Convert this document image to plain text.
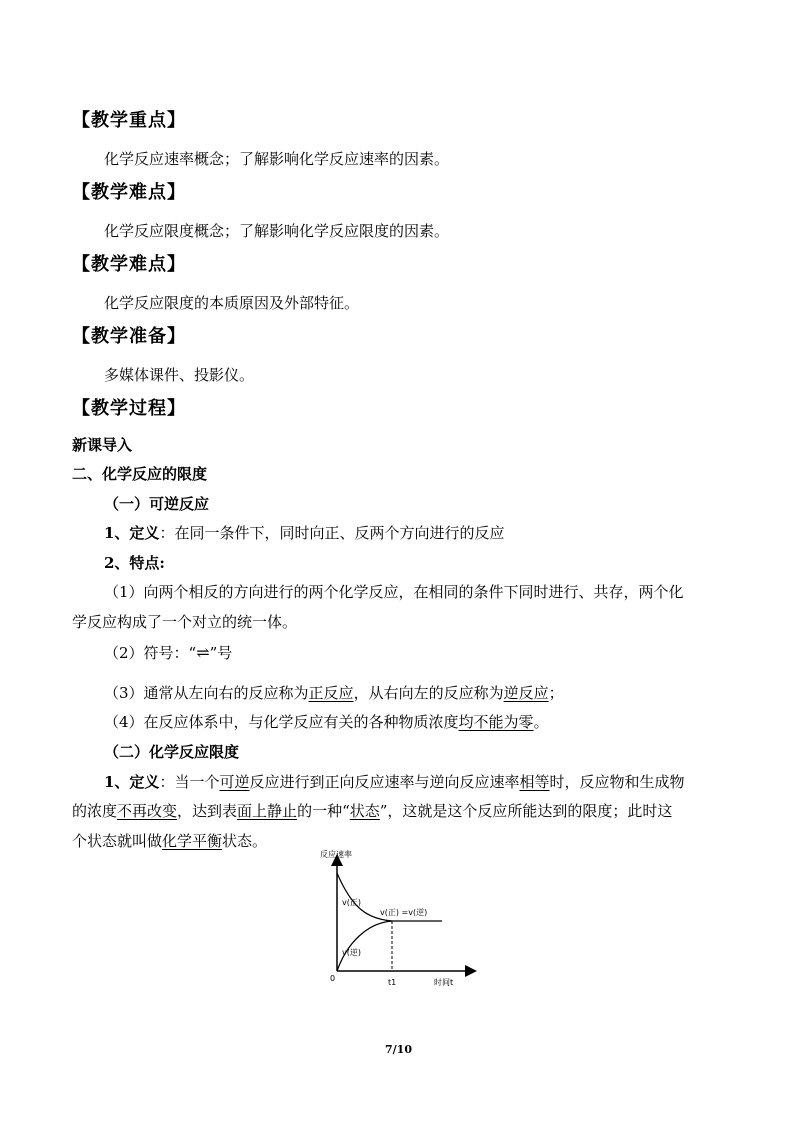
【教学重点】
化学反应速率概念；了解影响化学反应速率的因素。
【教学难点】
化学反应限度概念；了解影响化学反应限度的因素。
【教学难点】
化学反应限度的本质原因及外部特征。
【教学准备】
多媒体课件、投影仪。
【教学过程】
新课导入
二、化学反应的限度
（一）可逆反应
1、定义：在同一条件下，同时向正、反两个方向进行的反应
2、特点:
（1）向两个相反的方向进行的两个化学反应，在相同的条件下同时进行、共存，两个化
学反应构成了一个对立的统一体。
（2）符号：“⇌”号
（3）通常从左向右的反应称为正反应，从右向左的反应称为逆反应；
（4）在反应体系中，与化学反应有关的各种物质浓度均不能为零。
（二）化学反应限度
1、定义：当一个可逆反应进行到正向反应速率与逆向反应速率相等时，反应物和生成物
的浓度不再改变，达到表面上静止的一种“状态”，这就是这个反应所能达到的限度；此时这
个状态就叫做化学平衡状态。
反应速率
v(正)
v(正) =v(逆)
v(逆)
0	t1	时间t
7/10
